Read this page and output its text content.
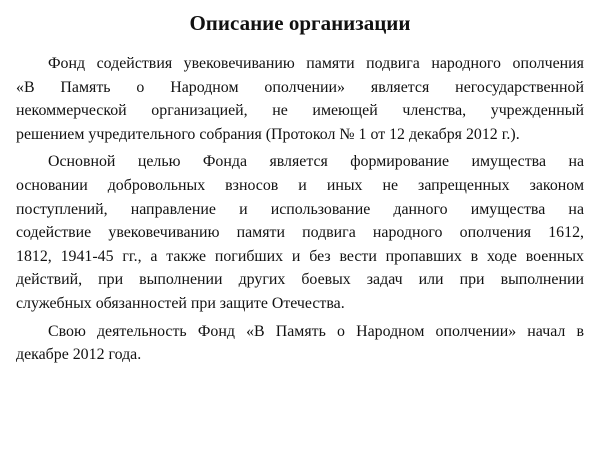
Описание организации

Фонд содействия увековечиванию памяти подвига народного ополчения
«В Память о Народном ополчении» является негосударственной
некоммерческой организацией, не имеющей членства, учрежденный
решением учредительного собрания (Протокол № 1 от 12 декабря 2012 г.).

Основной целью Фонда является формирование имущества на
основании добровольных взносов и иных не запрещенных законом
поступлений, направление и использование данного имущества на
содействие увековечиванию памяти подвига народного ополчения 1612,
1812, 1941-45 гг., а также погибших и без вести пропавших в ходе военных
действий, при выполнении других боевых задач или при выполнении
служебных обязанностей при защите Отечества.

Свою деятельность Фонд «В Память о Народном ополчении» начал в
декабре 2012 года.
